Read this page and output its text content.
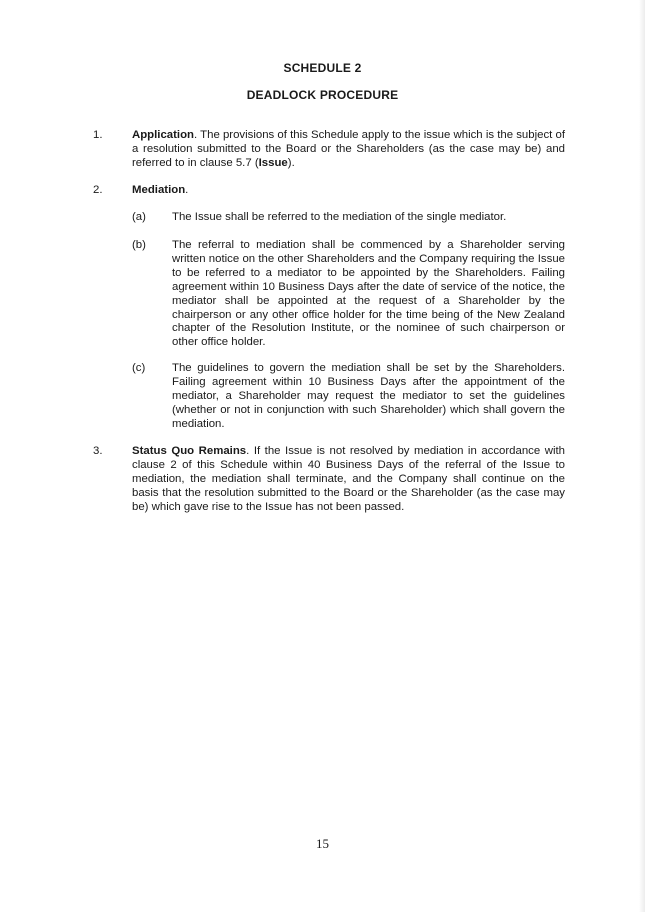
SCHEDULE 2
DEADLOCK PROCEDURE
1.	Application. The provisions of this Schedule apply to the issue which is the subject of a resolution submitted to the Board or the Shareholders (as the case may be) and referred to in clause 5.7 (Issue).
2.	Mediation.
(a) The Issue shall be referred to the mediation of the single mediator.
(b) The referral to mediation shall be commenced by a Shareholder serving written notice on the other Shareholders and the Company requiring the Issue to be referred to a mediator to be appointed by the Shareholders. Failing agreement within 10 Business Days after the date of service of the notice, the mediator shall be appointed at the request of a Shareholder by the chairperson or any other office holder for the time being of the New Zealand chapter of the Resolution Institute, or the nominee of such chairperson or other office holder.
(c) The guidelines to govern the mediation shall be set by the Shareholders. Failing agreement within 10 Business Days after the appointment of the mediator, a Shareholder may request the mediator to set the guidelines (whether or not in conjunction with such Shareholder) which shall govern the mediation.
3.	Status Quo Remains. If the Issue is not resolved by mediation in accordance with clause 2 of this Schedule within 40 Business Days of the referral of the Issue to mediation, the mediation shall terminate, and the Company shall continue on the basis that the resolution submitted to the Board or the Shareholder (as the case may be) which gave rise to the Issue has not been passed.
15
